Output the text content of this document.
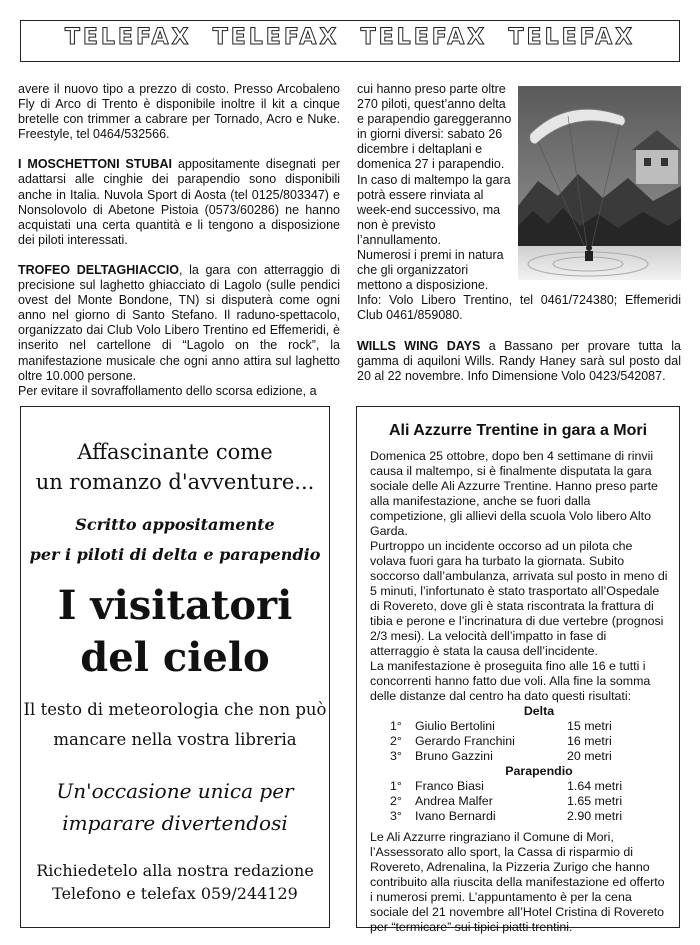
TELEFAX  TELEFAX  TELEFAX  TELEFAX

avere il nuovo tipo a prezzo di costo. Presso Arcobaleno Fly di Arco di Trento è disponibile inoltre il kit a cinque bretelle con trimmer a cabrare per Tornado, Acro e Nuke. Freestyle, tel 0464/532566.

I MOSCHETTONI STUBAI appositamente disegnati per adattarsi alle cinghie dei parapendio sono disponibili anche in Italia. Nuvola Sport di Aosta (tel 0125/803347) e Nonsolovolo di Abetone Pistoia (0573/60286) ne hanno acquistati una certa quantità e li tengono a disposizione dei piloti interessati.

TROFEO DELTAGHIACCIO, la gara con atterraggio di precisione sul laghetto ghiacciato di Lagolo (sulle pendici ovest del Monte Bondone, TN) si disputerà come ogni anno nel giorno di Santo Stefano. Il raduno-spettacolo, organizzato dai Club Volo Libero Trentino ed Effemeridi, è inserito nel cartellone di “Lagolo on the rock”, la manifestazione musicale che ogni anno attira sul laghetto oltre 10.000 persone.

Per evitare il sovraffollamento dello scorsa edizione, a

cui hanno preso parte oltre 270 piloti, quest’anno delta e parapendio gareggeranno in giorni diversi: sabato 26 dicembre i deltaplani e domenica 27 i parapendio. In caso di maltempo la gara potrà essere rinviata al week-end successivo, ma non è previsto l’annullamento.

Numerosi i premi in natura che gli organizzatori mettono a disposizione.

Info: Volo Libero Trentino, tel 0461/724380; Effemeridi Club 0461/859080.

WILLS WING DAYS a Bassano per provare tutta la gamma di aquiloni Wills. Randy Haney sarà sul posto dal 20 al 22 novembre. Info Dimensione Volo 0423/542087.

Affascinante come
un romanzo d'avventure...
Scritto appositamente
per i piloti di delta e parapendio
I visitatori
del cielo
Il testo di meteorologia che non può
mancare nella vostra libreria
Un'occasione unica per
imparare divertendosi
Richiedetelo alla nostra redazione
Telefono e telefax 059/244129
Ali Azzurre Trentine in gara a Mori

Domenica 25 ottobre, dopo ben 4 settimane di rinvii causa il maltempo, si è finalmente disputata la gara sociale delle Ali Azzurre Trentine. Hanno preso parte alla manifestazione, anche se fuori dalla competizione, gli allievi della scuola Volo libero Alto Garda.

Purtroppo un incidente occorso ad un pilota che volava fuori gara ha turbato la giornata. Subito soccorso dall’ambulanza, arrivata sul posto in meno di 5 minuti, l’infortunato è stato trasportato all’Ospedale di Rovereto, dove gli è stata riscontrata la frattura di tibia e perone e l’incrinatura di due vertebre (prognosi 2/3 mesi). La velocità dell’impatto in fase di atterraggio è stata la causa dell’incidente.

La manifestazione è proseguita fino alle 16 e tutti i concorrenti hanno fatto due voli. Alla fine la somma delle distanze dal centro ha dato questi risultati:

Delta
1° Giulio Bertolini	15 metri
2° Gerardo Franchini	16 metri
3° Bruno Gazzini	20 metri
Parapendio
1° Franco Biasi	1.64 metri
2° Andrea Malfer	1.65 metri
3° Ivano Bernardi	2.90 metri

Le Ali Azzurre ringraziano il Comune di Mori, l’Assessorato allo sport, la Cassa di risparmio di Rovereto, Adrenalina, la Pizzeria Zurigo che hanno contribuito alla riuscita della manifestazione ed offerto i numerosi premi. L’appuntamento è per la cena sociale del 21 novembre all’Hotel Cristina di Rovereto per “termicare” sui tipici piatti trentini.
